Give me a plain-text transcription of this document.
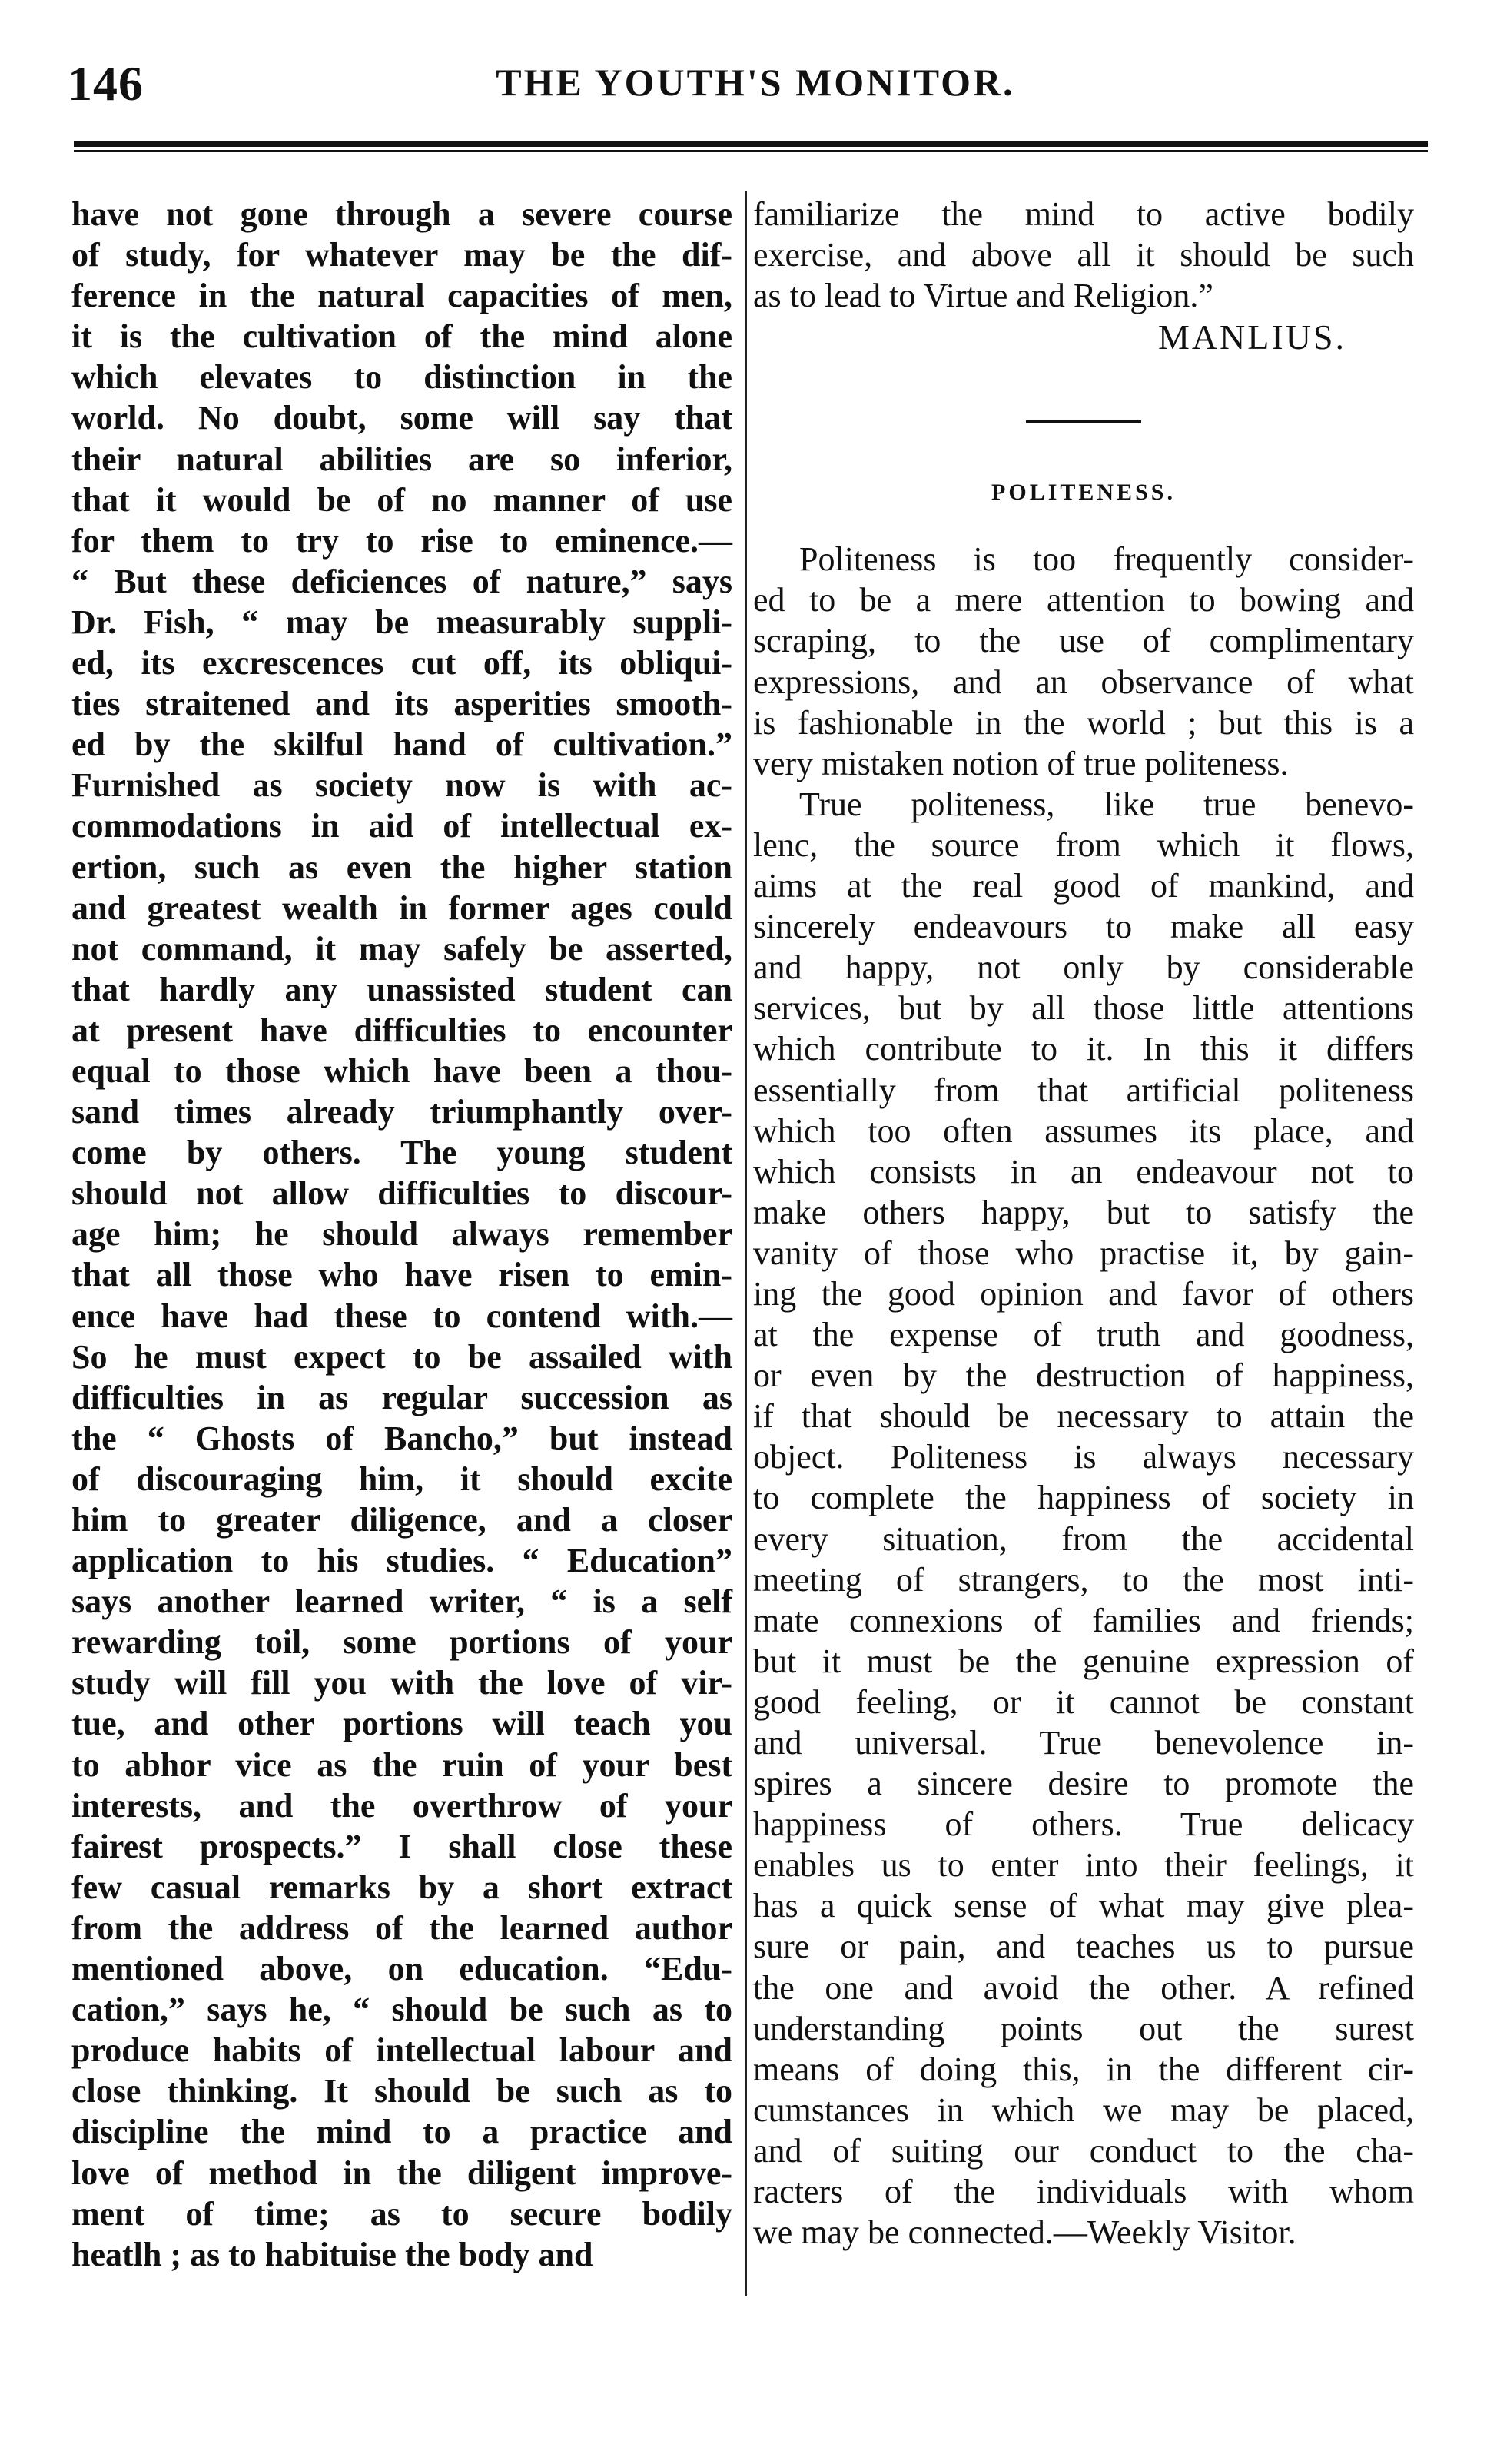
146	THE YOUTH'S MONITOR.
have not gone through a severe course
of study, for whatever may be the dif-
ference in the natural capacities of men,
it is the cultivation of the mind alone
which elevates to distinction in the
world. No doubt, some will say that
their natural abilities are so inferior,
that it would be of no manner of use
for them to try to rise to eminence.—
“ But these deficiences of nature,” says
Dr. Fish, “ may be measurably suppli-
ed, its excrescences cut off, its obliqui-
ties straitened and its asperities smooth-
ed by the skilful hand of cultivation.”
Furnished as society now is with ac-
commodations in aid of intellectual ex-
ertion, such as even the higher station
and greatest wealth in former ages could
not command, it may safely be asserted,
that hardly any unassisted student can
at present have difficulties to encounter
equal to those which have been a thou-
sand times already triumphantly over-
come by others. The young student
should not allow difficulties to discour-
age him; he should always remember
that all those who have risen to emin-
ence have had these to contend with.—
So he must expect to be assailed with
difficulties in as regular succession as
the “ Ghosts of Bancho,” but instead
of discouraging him, it should excite
him to greater diligence, and a closer
application to his studies. “ Education”
says another learned writer, “ is a self
rewarding toil, some portions of your
study will fill you with the love of vir-
tue, and other portions will teach you
to abhor vice as the ruin of your best
interests, and the overthrow of your
fairest prospects.” I shall close these
few casual remarks by a short extract
from the address of the learned author
mentioned above, on education. “Edu-
cation,” says he, “ should be such as to
produce habits of intellectual labour and
close thinking. It should be such as to
discipline the mind to a practice and
love of method in the diligent improve-
ment of time; as to secure bodily
heatlh ; as to habituise the body and
familiarize the mind to active bodily
exercise, and above all it should be such
as to lead to Virtue and Religion.”
MANLIUS.
POLITENESS.
Politeness is too frequently consider-
ed to be a mere attention to bowing and
scraping, to the use of complimentary
expressions, and an observance of what
is fashionable in the world ; but this is a
very mistaken notion of true politeness.
True politeness, like true benevo-
lenc, the source from which it flows,
aims at the real good of mankind, and
sincerely endeavours to make all easy
and happy, not only by considerable
services, but by all those little attentions
which contribute to it. In this it differs
essentially from that artificial politeness
which too often assumes its place, and
which consists in an endeavour not to
make others happy, but to satisfy the
vanity of those who practise it, by gain-
ing the good opinion and favor of others
at the expense of truth and goodness,
or even by the destruction of happiness,
if that should be necessary to attain the
object. Politeness is always necessary
to complete the happiness of society in
every situation, from the accidental
meeting of strangers, to the most inti-
mate connexions of families and friends;
but it must be the genuine expression of
good feeling, or it cannot be constant
and universal. True benevolence in-
spires a sincere desire to promote the
happiness of others. True delicacy
enables us to enter into their feelings, it
has a quick sense of what may give plea-
sure or pain, and teaches us to pursue
the one and avoid the other. A refined
understanding points out the surest
means of doing this, in the different cir-
cumstances in which we may be placed,
and of suiting our conduct to the cha-
racters of the individuals with whom
we may be connected.—Weekly Visitor.
